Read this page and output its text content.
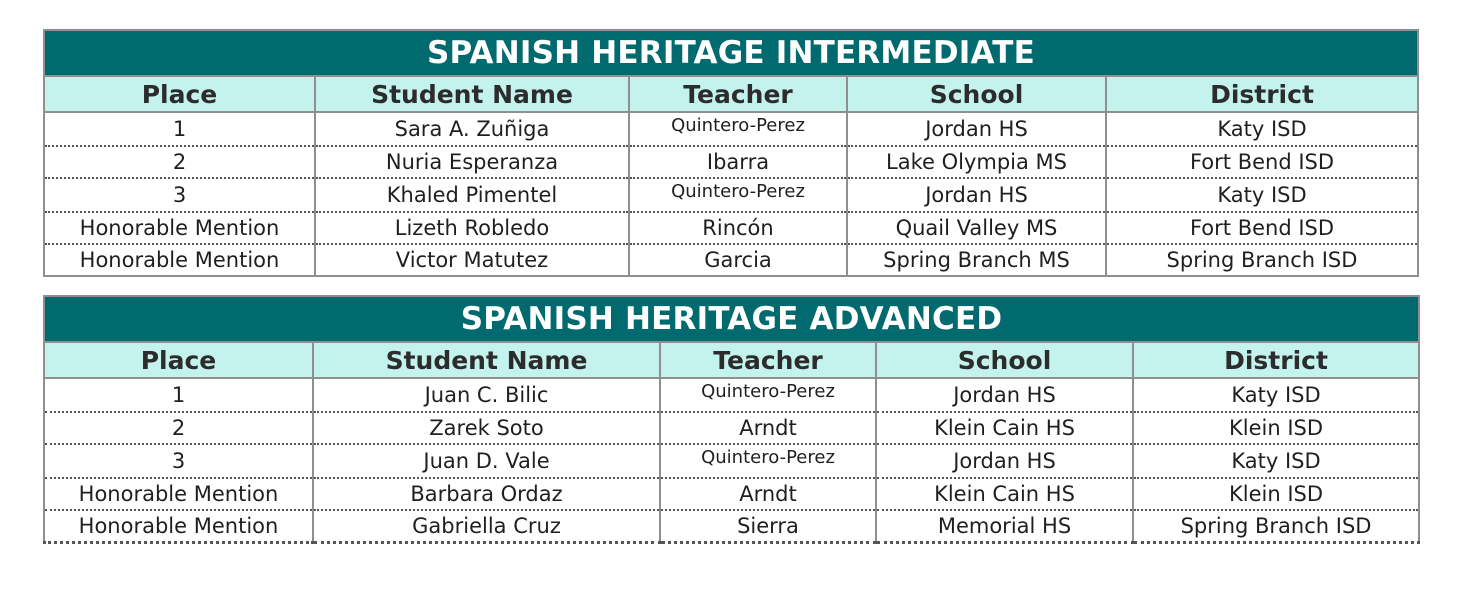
SPANISH HERITAGE INTERMEDIATE				
Place	Student Name	Teacher	School	District
1	Sara A. Zuñiga	Quintero-Perez	Jordan HS	Katy ISD
2	Nuria Esperanza	Ibarra	Lake Olympia MS	Fort Bend ISD
3	Khaled Pimentel	Quintero-Perez	Jordan HS	Katy ISD
Honorable Mention	Lizeth Robledo	Rincón	Quail Valley MS	Fort Bend ISD
Honorable Mention	Victor Matutez	Garcia	Spring Branch MS	Spring Branch ISD
SPANISH HERITAGE ADVANCED				
Place	Student Name	Teacher	School	District
1	Juan C. Bilic	Quintero-Perez	Jordan HS	Katy ISD
2	Zarek Soto	Arndt	Klein Cain HS	Klein ISD
3	Juan D. Vale	Quintero-Perez	Jordan HS	Katy ISD
Honorable Mention	Barbara Ordaz	Arndt	Klein Cain HS	Klein ISD
Honorable Mention	Gabriella Cruz	Sierra	Memorial HS	Spring Branch ISD
